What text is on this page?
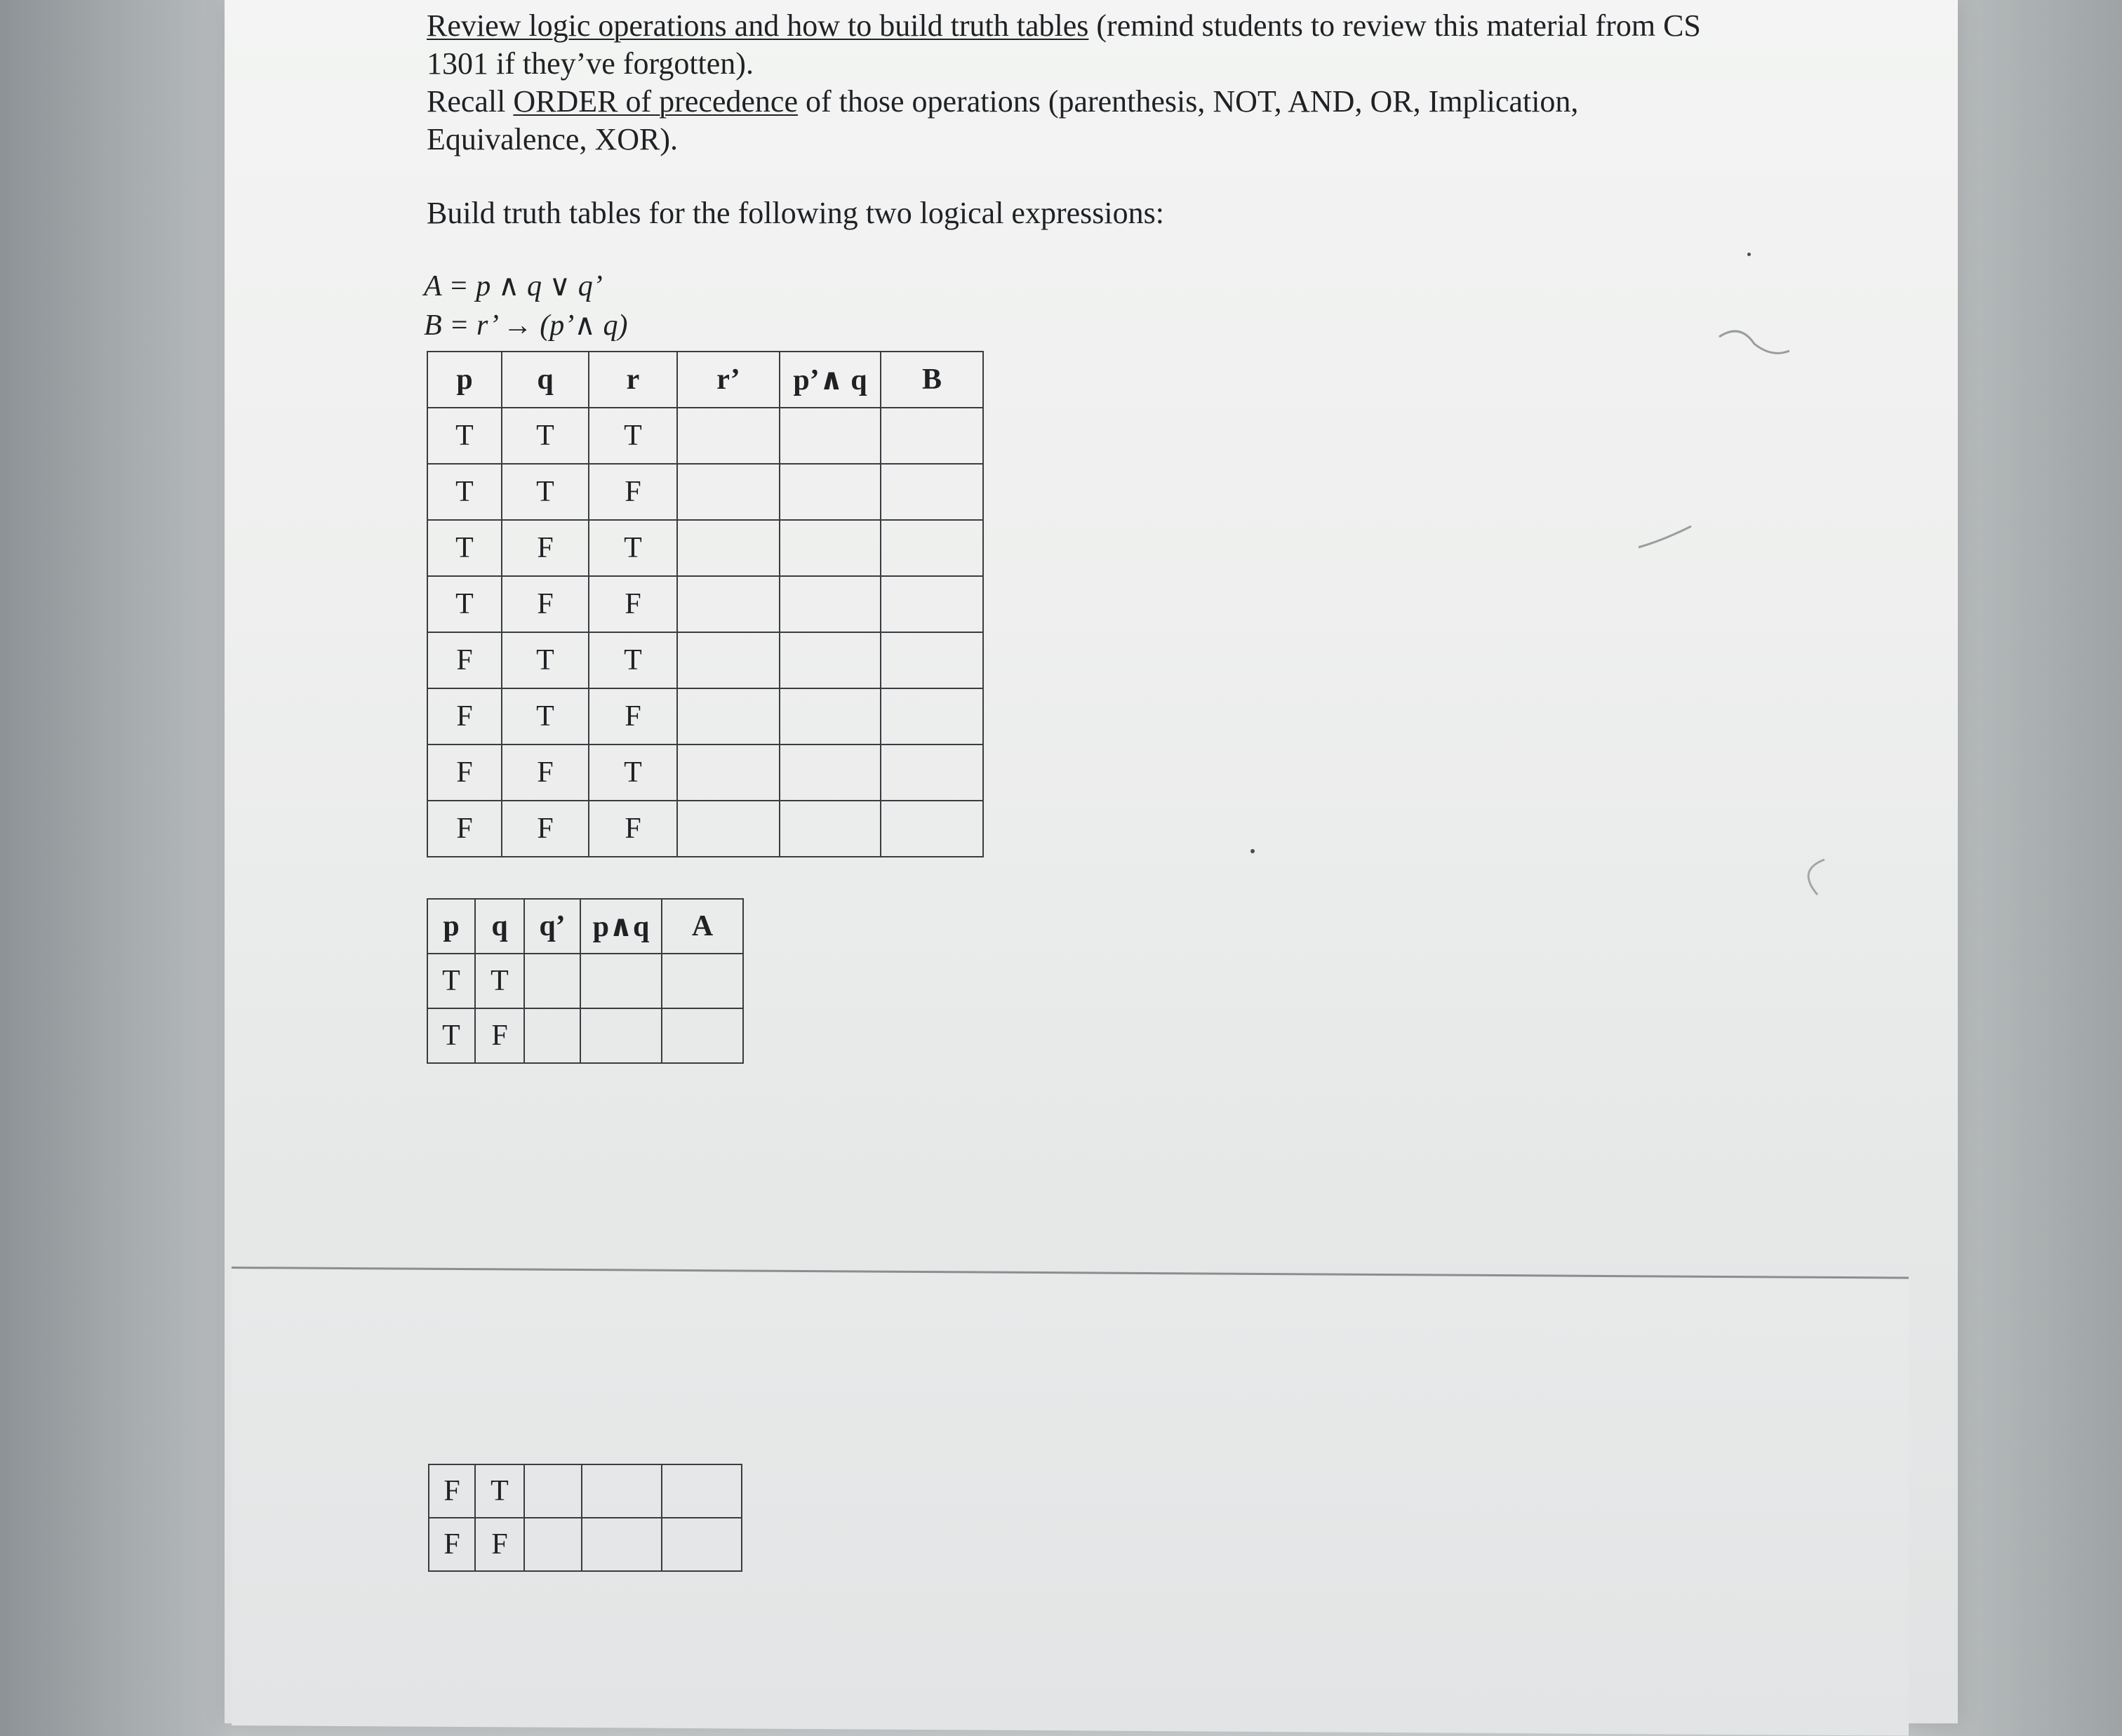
Review logic operations and how to build truth tables (remind students to review this material from CS

1301 if they’ve forgotten).

Recall ORDER of precedence of those operations (parenthesis, NOT, AND, OR, Implication,

Equivalence, XOR).

Build truth tables for the following two logical expressions:
A = p ∧ q ∨ q’
B = r’ → (p’∧ q)
p	q	r	r’	p’∧ q	B
T	T	T			
T	T	F			
T	F	T			
T	F	F			
F	T	T			
F	T	F			
F	F	T			
F	F	F			
p	q	q’	p∧q	A
T	T			
T	F			
F	T			
F	F			
